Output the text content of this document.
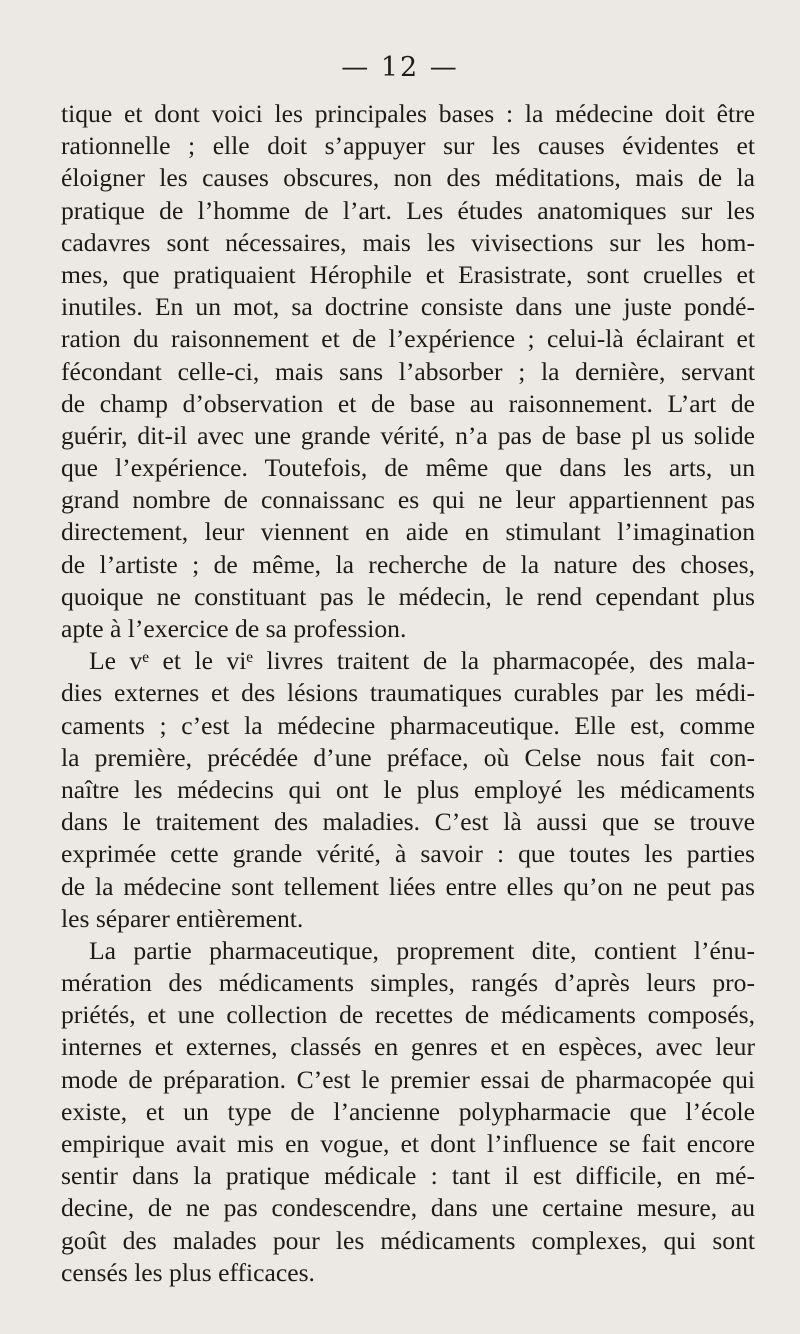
— 12 —
tique et dont voici les principales bases : la médecine doit être
rationnelle ; elle doit s’appuyer sur les causes évidentes et
éloigner les causes obscures, non des méditations, mais de la
pratique de l’homme de l’art. Les études anatomiques sur les
cadavres sont nécessaires, mais les vivisections sur les hom-
mes, que pratiquaient Hérophile et Erasistrate, sont cruelles et
inutiles. En un mot, sa doctrine consiste dans une juste pondé-
ration du raisonnement et de l’expérience ; celui-là éclairant et
fécondant celle-ci, mais sans l’absorber ; la dernière, servant
de champ d’observation et de base au raisonnement. L’art de
guérir, dit-il avec une grande vérité, n’a pas de base pl us solide
que l’expérience. Toutefois, de même que dans les arts, un
grand nombre de connaissanc es qui ne leur appartiennent pas
directement, leur viennent en aide en stimulant l’imagination
de l’artiste ; de même, la recherche de la nature des choses,
quoique ne constituant pas le médecin, le rend cependant plus
apte à l’exercice de sa profession.
Le vᵉ et le viᵉ livres traitent de la pharmacopée, des mala-
dies externes et des lésions traumatiques curables par les médi-
caments ; c’est la médecine pharmaceutique. Elle est, comme
la première, précédée d’une préface, où Celse nous fait con-
naître les médecins qui ont le plus employé les médicaments
dans le traitement des maladies. C’est là aussi que se trouve
exprimée cette grande vérité, à savoir : que toutes les parties
de la médecine sont tellement liées entre elles qu’on ne peut pas
les séparer entièrement.
La partie pharmaceutique, proprement dite, contient l’énu-
mération des médicaments simples, rangés d’après leurs pro-
priétés, et une collection de recettes de médicaments composés,
internes et externes, classés en genres et en espèces, avec leur
mode de préparation. C’est le premier essai de pharmacopée qui
existe, et un type de l’ancienne polypharmacie que l’école
empirique avait mis en vogue, et dont l’influence se fait encore
sentir dans la pratique médicale : tant il est difficile, en mé-
decine, de ne pas condescendre, dans une certaine mesure, au
goût des malades pour les médicaments complexes, qui sont
censés les plus efficaces.
